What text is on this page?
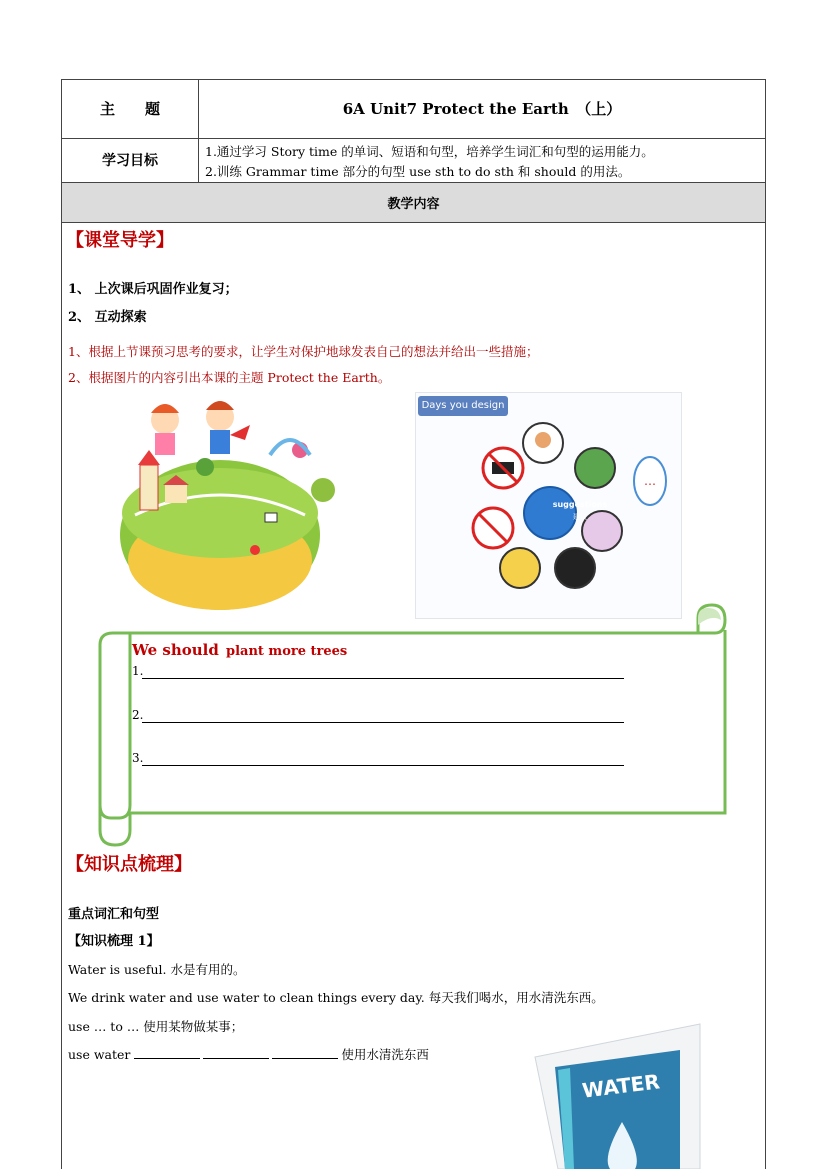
主　　题	6A Unit7 Protect the Earth　（上）
学习目标
1.通过学习 Story time 的单词、短语和句型，培养学生词汇和句型的运用能力。
2.训练 Grammar time 部分的句型 use sth to do sth 和 should 的用法。
教学内容
【课堂导学】
1、 上次课后巩固作业复习；
2、 互动探索
1、根据上节课预习思考的要求，让学生对保护地球发表自己的想法并给出一些措施；
2、根据图片的内容引出本课的主题 Protect the Earth。
Days you design
suggestions
建议
…
We should plant more trees
1.
2.
3.
【知识点梳理】
重点词汇和句型
【知识梳理 1】
Water is useful. 水是有用的。
We drink water and use water to clean things every day. 每天我们喝水，用水清洗东西。
use … to … 使用某物做某事；
use water	使用水清洗东西
WATER
